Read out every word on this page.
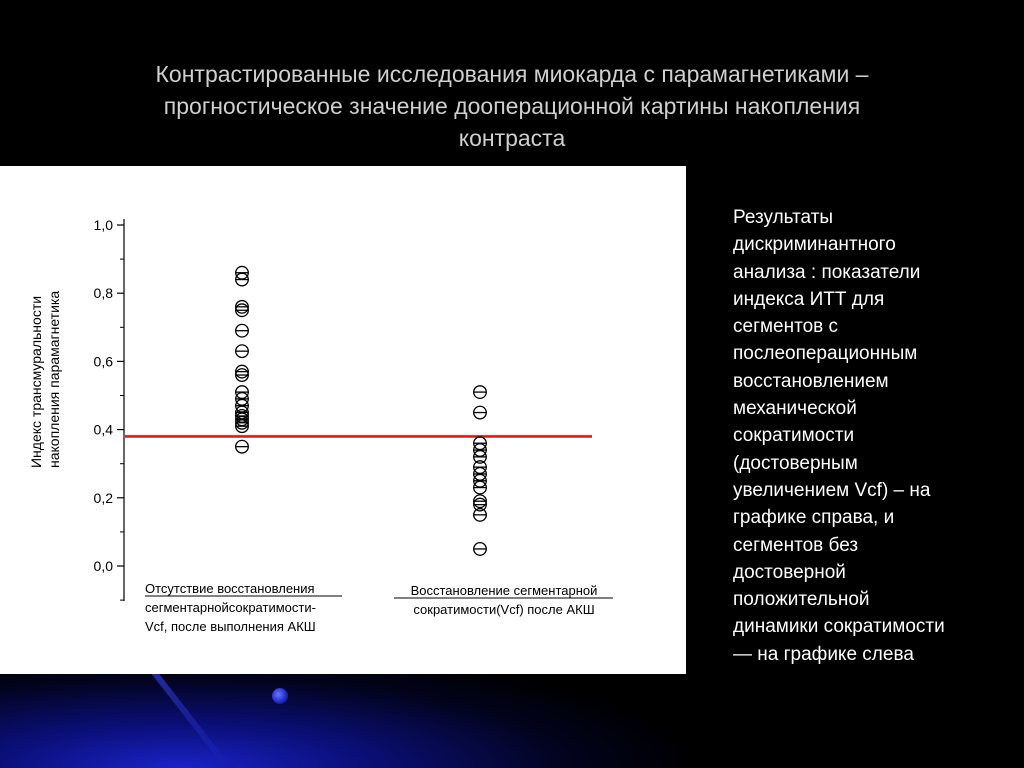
Контрастированные исследования миокарда с парамагнетиками –
прогностическое значение дооперационной картины накопления
контраста
0,0
0,2
0,4
0,6
0,8
1,0
Индекс трансмуральности накопления парамагнетика
Отсутствие восстановления
сегментарнойсократимости-
Vcf, после выполнения АКШ
Восстановление сегментарной
сократимости(Vcf) после АКШ
Результаты
дискриминантного
анализа : показатели
индекса ИТТ для
сегментов с
послеоперационным
восстановлением
механической
сократимости
(достоверным
увеличением Vcf) – на
графике справа, и
сегментов без
достоверной
положительной
динамики сократимости
— на графике слева
